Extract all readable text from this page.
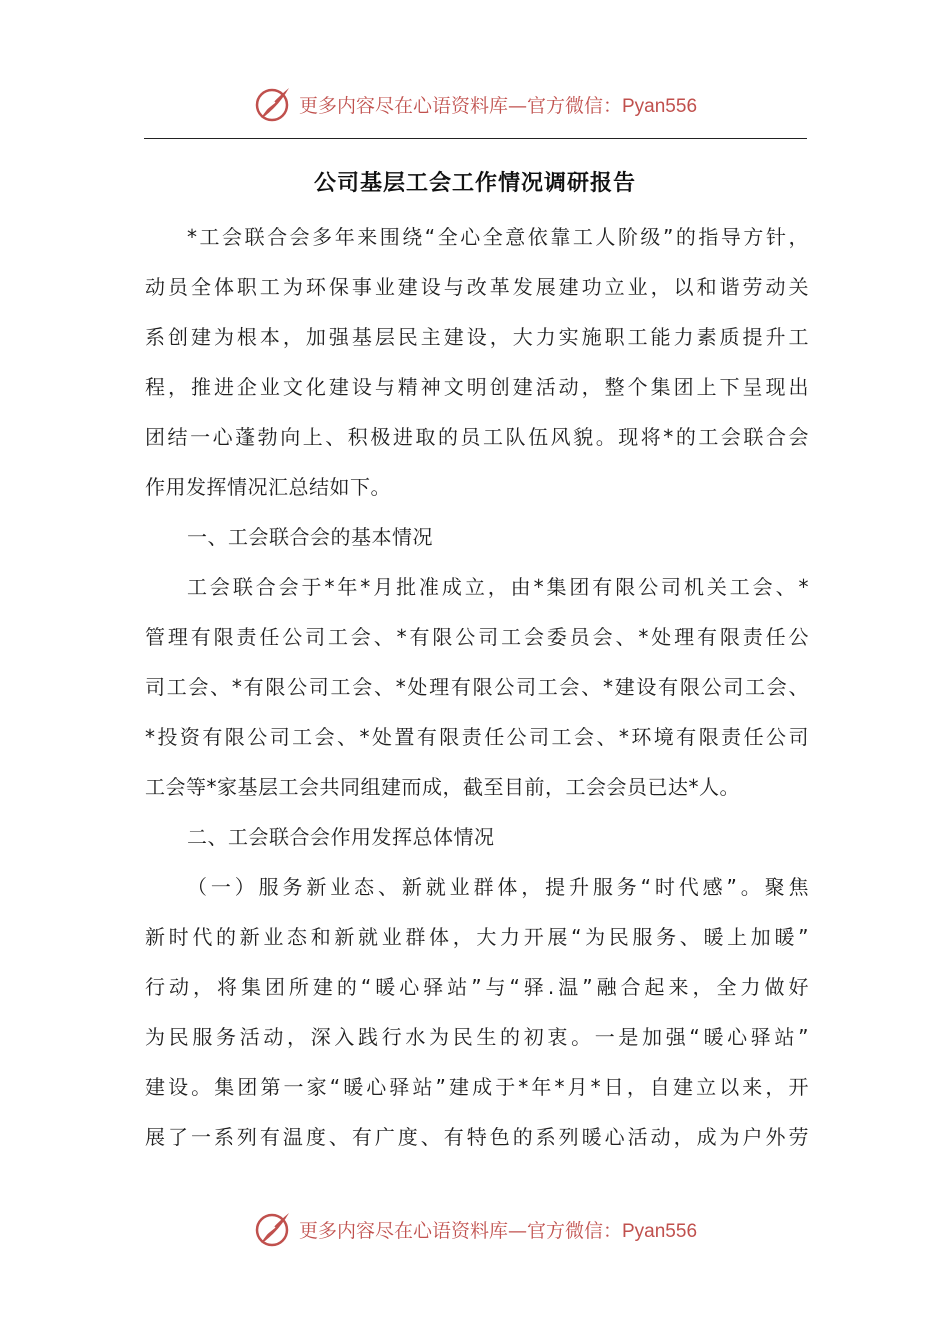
更多内容尽在心语资料库—官方微信：Pyan556
公司基层工会工作情况调研报告
*工会联合会多年来围绕“全心全意依靠工人阶级”的指导方针，
动员全体职工为环保事业建设与改革发展建功立业，以和谐劳动关
系创建为根本，加强基层民主建设，大力实施职工能力素质提升工
程，推进企业文化建设与精神文明创建活动，整个集团上下呈现出
团结一心蓬勃向上、积极进取的员工队伍风貌。现将*的工会联合会
作用发挥情况汇总结如下。
一、工会联合会的基本情况
工会联合会于*年*月批准成立，由*集团有限公司机关工会、*
管理有限责任公司工会、*有限公司工会委员会、*处理有限责任公
司工会、*有限公司工会、*处理有限公司工会、*建设有限公司工会、
*投资有限公司工会、*处置有限责任公司工会、*环境有限责任公司
工会等*家基层工会共同组建而成，截至目前，工会会员已达*人。
二、工会联合会作用发挥总体情况
（一）服务新业态、新就业群体，提升服务“时代感”。聚焦
新时代的新业态和新就业群体，大力开展“为民服务、暖上加暖”
行动，将集团所建的“暖心驿站”与“驿.温”融合起来，全力做好
为民服务活动，深入践行水为民生的初衷。一是加强“暖心驿站”
建设。集团第一家“暖心驿站”建成于*年*月*日，自建立以来，开
展了一系列有温度、有广度、有特色的系列暖心活动，成为户外劳
更多内容尽在心语资料库—官方微信：Pyan556
